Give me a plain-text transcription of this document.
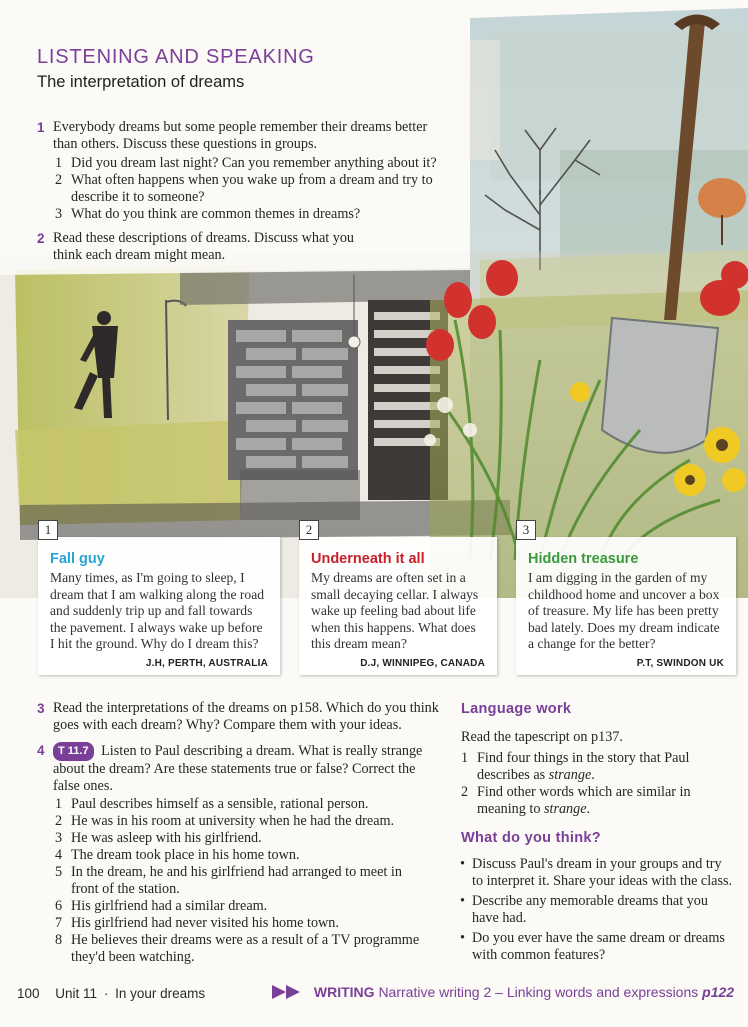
LISTENING AND SPEAKING
The interpretation of dreams
1 Everybody dreams but some people remember their dreams better than others. Discuss these questions in groups.
1 Did you dream last night? Can you remember anything about it?
2 What often happens when you wake up from a dream and try to describe it to someone?
3 What do you think are common themes in dreams?
2 Read these descriptions of dreams. Discuss what you think each dream might mean.
1
Fall guy
Many times, as I'm going to sleep, I dream that I am walking along the road and suddenly trip up and fall towards the pavement. I always wake up before I hit the ground. Why do I dream this?
J.H, PERTH, AUSTRALIA
2
Underneath it all
My dreams are often set in a small decaying cellar. I always wake up feeling bad about life when this happens. What does this dream mean?
D.J, WINNIPEG, CANADA
3
Hidden treasure
I am digging in the garden of my childhood home and uncover a box of treasure. My life has been pretty bad lately. Does my dream indicate a change for the better?
P.T, SWINDON UK
3 Read the interpretations of the dreams on p158. Which do you think goes with each dream? Why? Compare them with your ideas.
4 T 11.7 Listen to Paul describing a dream. What is really strange about the dream? Are these statements true or false? Correct the false ones.
1 Paul describes himself as a sensible, rational person.
2 He was in his room at university when he had the dream.
3 He was asleep with his girlfriend.
4 The dream took place in his home town.
5 In the dream, he and his girlfriend had arranged to meet in front of the station.
6 His girlfriend had a similar dream.
7 His girlfriend had never visited his home town.
8 He believes their dreams were as a result of a TV programme they'd been watching.
Language work
Read the tapescript on p137.
1 Find four things in the story that Paul describes as strange.
2 Find other words which are similar in meaning to strange.
What do you think?
• Discuss Paul's dream in your groups and try to interpret it. Share your ideas with the class.
• Describe any memorable dreams that you have had.
• Do you ever have the same dream or dreams with common features?
100 Unit 11 · In your dreams	WRITING Narrative writing 2 – Linking words and expressions p122
